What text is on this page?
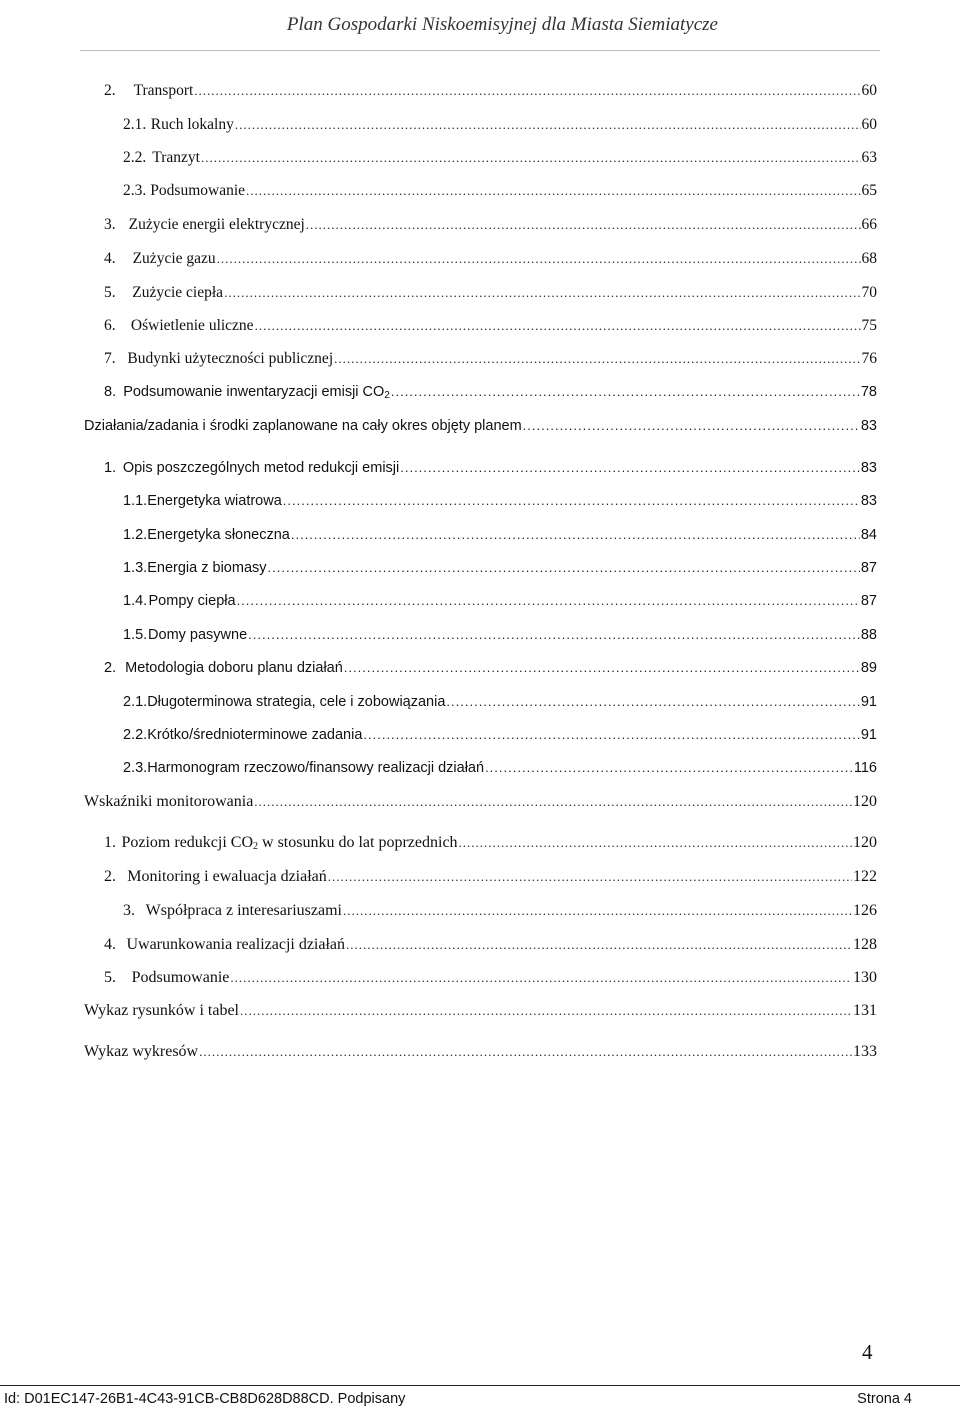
Plan Gospodarki Niskoemisyjnej dla Miasta Siemiatycze
2.	Transport .....	60
2.1. Ruch lokalny .....	60
2.2. Tranzyt .....	63
2.3. Podsumowanie .....	65
3. Zużycie energii elektrycznej .....	66
4.	Zużycie gazu .....	68
5.	Zużycie ciepła .....	70
6. Oświetlenie uliczne .....	75
7. Budynki użyteczności publicznej .....	76
8. Podsumowanie inwentaryzacji emisji $CO_2$ .....	78
Działania/zadania i środki zaplanowane na cały okres objęty planem .....	83
1. Opis poszczególnych metod redukcji emisji .....	83
1.1. Energetyka wiatrowa .....	83
1.2. Energetyka słoneczna .....	84
1.3. Energia z biomasy .....	87
1.4. Pompy ciepła .....	87
1.5. Domy pasywne .....	88
2. Metodologia doboru planu działań .....	89
2.1. Długoterminowa strategia, cele i zobowiązania .....	91
2.2. Krótko/średnioterminowe zadania .....	91
2.3. Harmonogram rzeczowo/finansowy realizacji działań .....	116
Wskaźniki monitorowania .....	120
1. Poziom redukcji $CO_2$ w stosunku do lat poprzednich .....	120
2. Monitoring i ewaluacja działań .....	122
3. Współpraca z interesariuszami .....	126
4. Uwarunkowania realizacji działań .....	128
5. Podsumowanie .....	130
Wykaz rysunków i tabel .....	131
Wykaz wykresów .....	133
4
Id: D01EC147-26B1-4C43-91CB-CB8D628D88CD. Podpisany	Strona 4
